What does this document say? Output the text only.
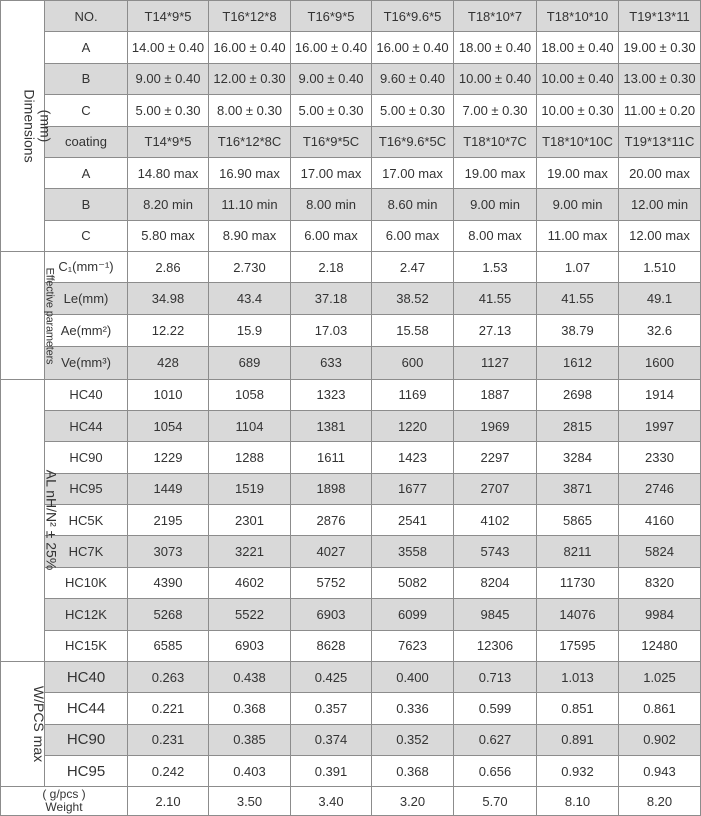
(mm)
Dimensions	NO.	T14*9*5	T16*12*8	T16*9*5	T16*9.6*5	T18*10*7	T18*10*10	T19*13*11
	A	14.00 ± 0.40	16.00 ± 0.40	16.00 ± 0.40	16.00 ± 0.40	18.00 ± 0.40	18.00 ± 0.40	19.00 ± 0.30
	B	9.00 ± 0.40	12.00 ± 0.30	9.00 ± 0.40	9.60 ± 0.40	10.00 ± 0.40	10.00 ± 0.40	13.00 ± 0.30
	C	5.00 ± 0.30	8.00 ± 0.30	5.00 ± 0.30	5.00 ± 0.30	7.00 ± 0.30	10.00 ± 0.30	11.00 ± 0.20
	coating	T14*9*5	T16*12*8C	T16*9*5C	T16*9.6*5C	T18*10*7C	T18*10*10C	T19*13*11C
	A	14.80 max	16.90 max	17.00 max	17.00 max	19.00 max	19.00 max	20.00 max
	B	8.20 min	11.10 min	8.00 min	8.60 min	9.00 min	9.00 min	12.00 min
	C	5.80 max	8.90 max	6.00 max	6.00 max	8.00 max	11.00 max	12.00 max
Effective parameters	C₁(mm⁻¹)	2.86	2.730	2.18	2.47	1.53	1.07	1.510
	Le(mm)	34.98	43.4	37.18	38.52	41.55	41.55	49.1
	Ae(mm²)	12.22	15.9	17.03	15.58	27.13	38.79	32.6
	Ve(mm³)	428	689	633	600	1127	1612	1600
AL nH/N² ± 25%	HC40	1010	1058	1323	1169	1887	2698	1914
	HC44	1054	1104	1381	1220	1969	2815	1997
	HC90	1229	1288	1611	1423	2297	3284	2330
	HC95	1449	1519	1898	1677	2707	3871	2746
	HC5K	2195	2301	2876	2541	4102	5865	4160
	HC7K	3073	3221	4027	3558	5743	8211	5824
	HC10K	4390	4602	5752	5082	8204	11730	8320
	HC12K	5268	5522	6903	6099	9845	14076	9984
	HC15K	6585	6903	8628	7623	12306	17595	12480
W/PCS max	HC40	0.263	0.438	0.425	0.400	0.713	1.013	1.025
	HC44	0.221	0.368	0.357	0.336	0.599	0.851	0.861
	HC90	0.231	0.385	0.374	0.352	0.627	0.891	0.902
	HC95	0.242	0.403	0.391	0.368	0.656	0.932	0.943

( g/pcs )
Weight		2.10	3.50	3.40	3.20	5.70	8.10	8.20
